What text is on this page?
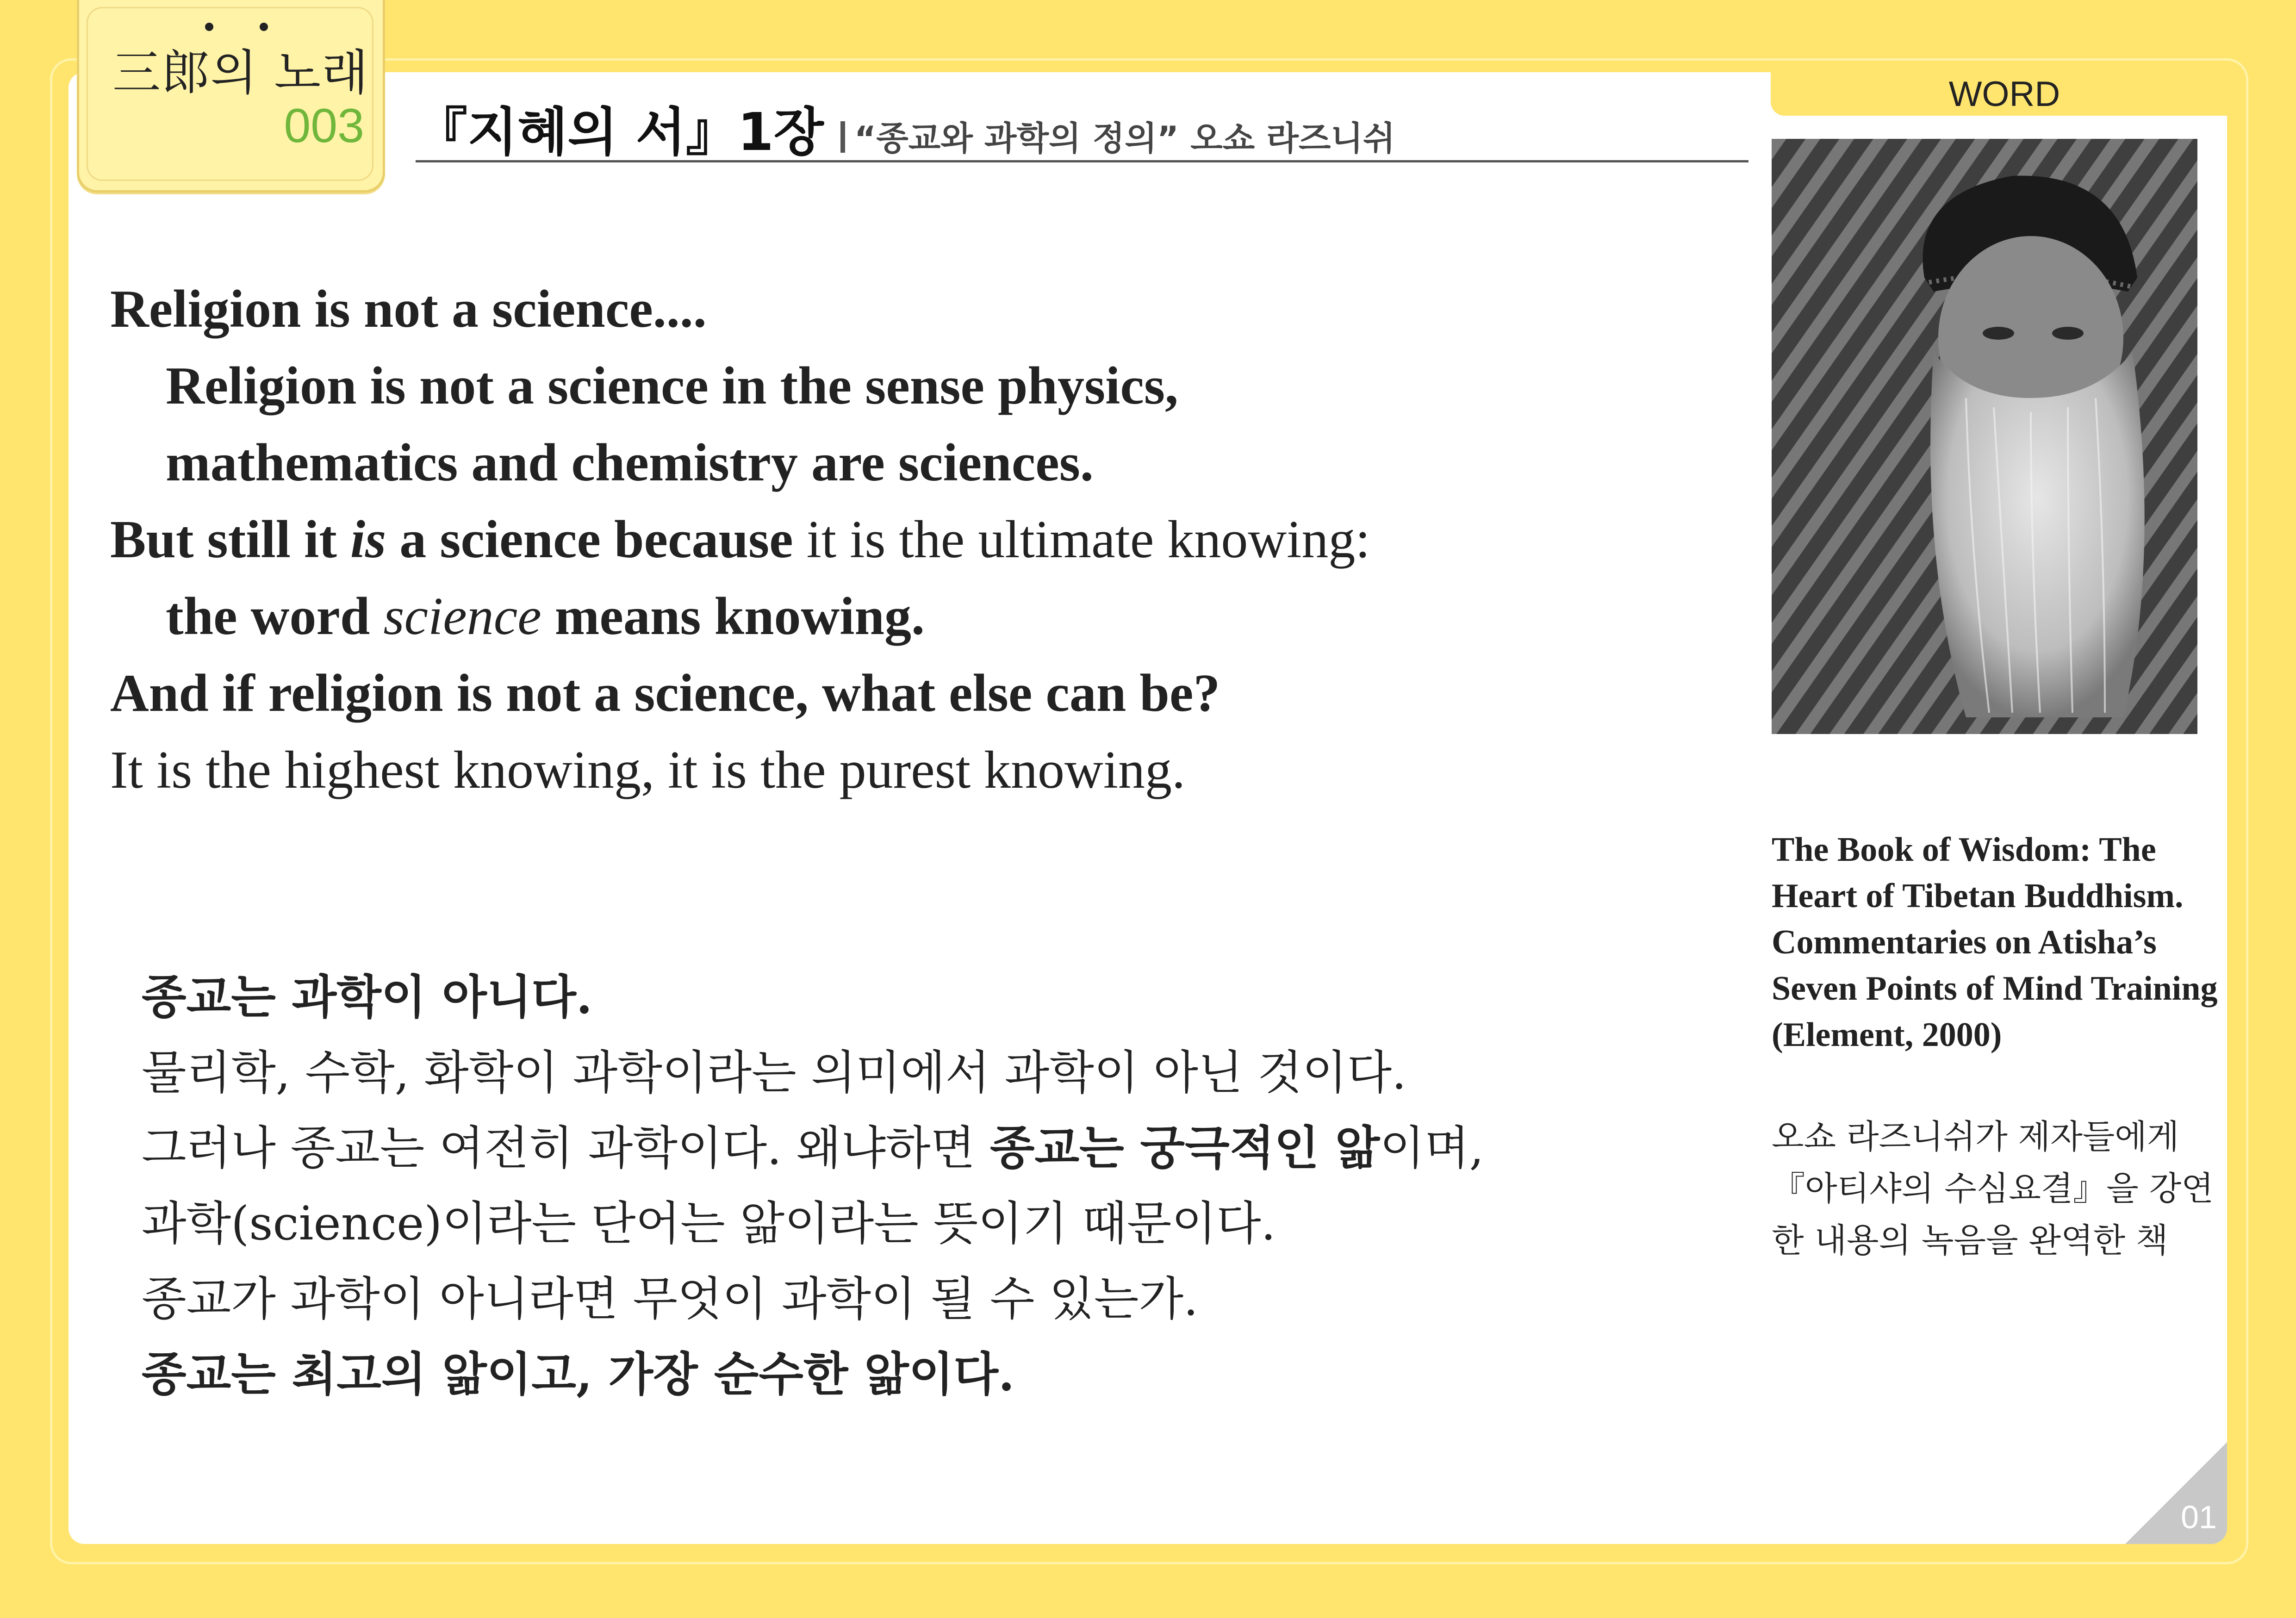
01
三郎의 노래
003 『지혜의 서』1장 “종교와 과학의 정의” 오쇼 라즈니쉬
WORD
Religion is not a science....
Religion is not a science in the sense physics,
mathematics and chemistry are sciences.
But still it is a science because it is the ultimate knowing:
the word science means knowing.
And if religion is not a science, what else can be?
It is the highest knowing, it is the purest knowing.
종교는 과학이 아니다.
물리학, 수학, 화학이 과학이라는 의미에서 과학이 아닌 것이다.
그러나 종교는 여전히 과학이다. 왜냐하면 종교는 궁극적인 앎이며,
과학(science)이라는 단어는 앎이라는 뜻이기 때문이다.
종교가 과학이 아니라면 무엇이 과학이 될 수 있는가.
종교는 최고의 앎이고, 가장 순수한 앎이다.
The Book of Wisdom: The Heart of Tibetan Buddhism. Commentaries on Atisha’s Seven Points of Mind Training (Element, 2000)
오쇼 라즈니쉬가 제자들에게 『아티샤의 수심요결』을 강연한 내용의 녹음을 완역한 책
